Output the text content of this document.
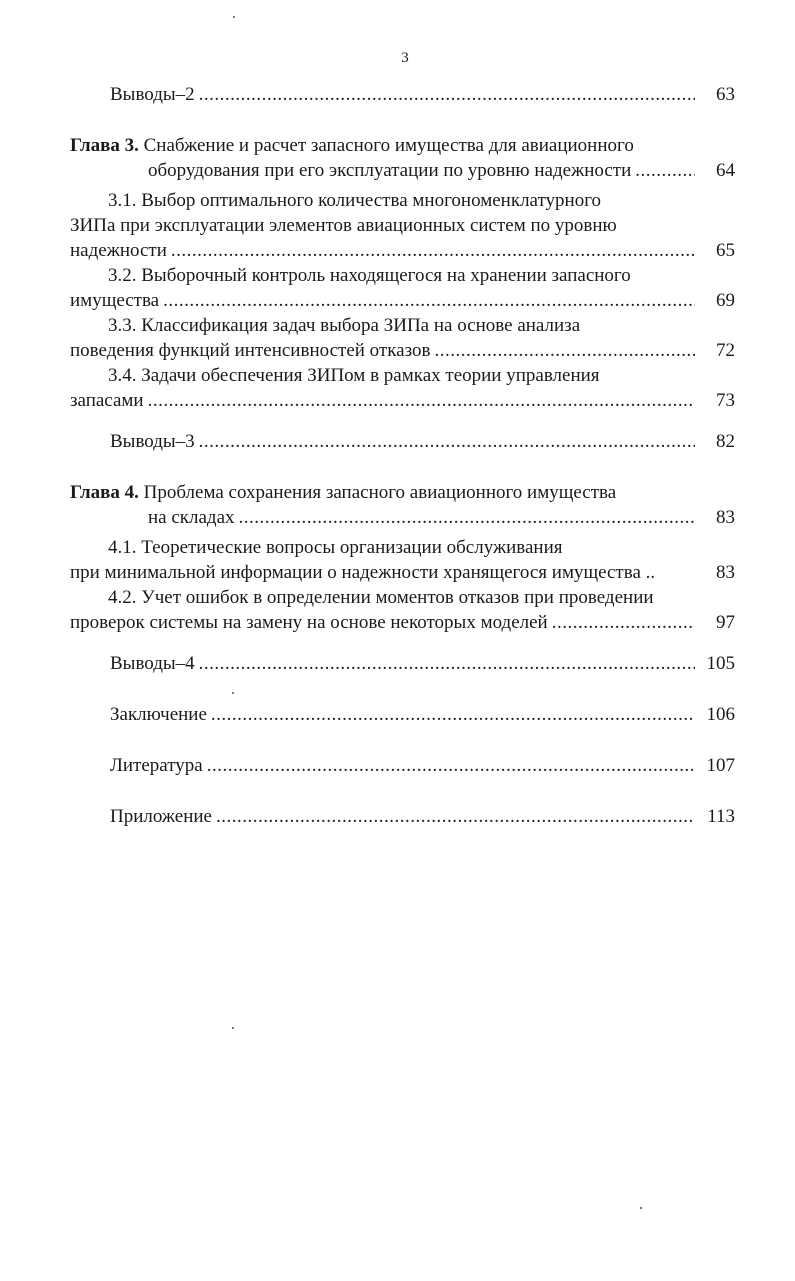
3
Выводы–2 .....	63
Глава 3. Снабжение и расчет запасного имущества для авиационного
оборудования при его эксплуатации по уровню надежности .....	64
3.1. Выбор оптимального количества многономенклатурного
ЗИПа при эксплуатации элементов авиационных систем по уровню
надежности .....	65
3.2. Выборочный контроль находящегося на хранении запасного
имущества .....	69
3.3. Классификация задач выбора ЗИПа на основе анализа
поведения функций интенсивностей отказов .....	72
3.4. Задачи обеспечения ЗИПом в рамках теории управления
запасами .....	73
Выводы–3 .....	82
Глава 4. Проблема сохранения запасного авиационного имущества
на складах .....	83
4.1. Теоретические вопросы организации обслуживания
при минимальной информации о надежности хранящегося имущества ..	83
4.2. Учет ошибок в определении моментов отказов при проведении
проверок системы на замену на основе некоторых моделей .....	97
Выводы–4 .....	105
Заключение .....	106
Литература .....	107
Приложение .....	113
